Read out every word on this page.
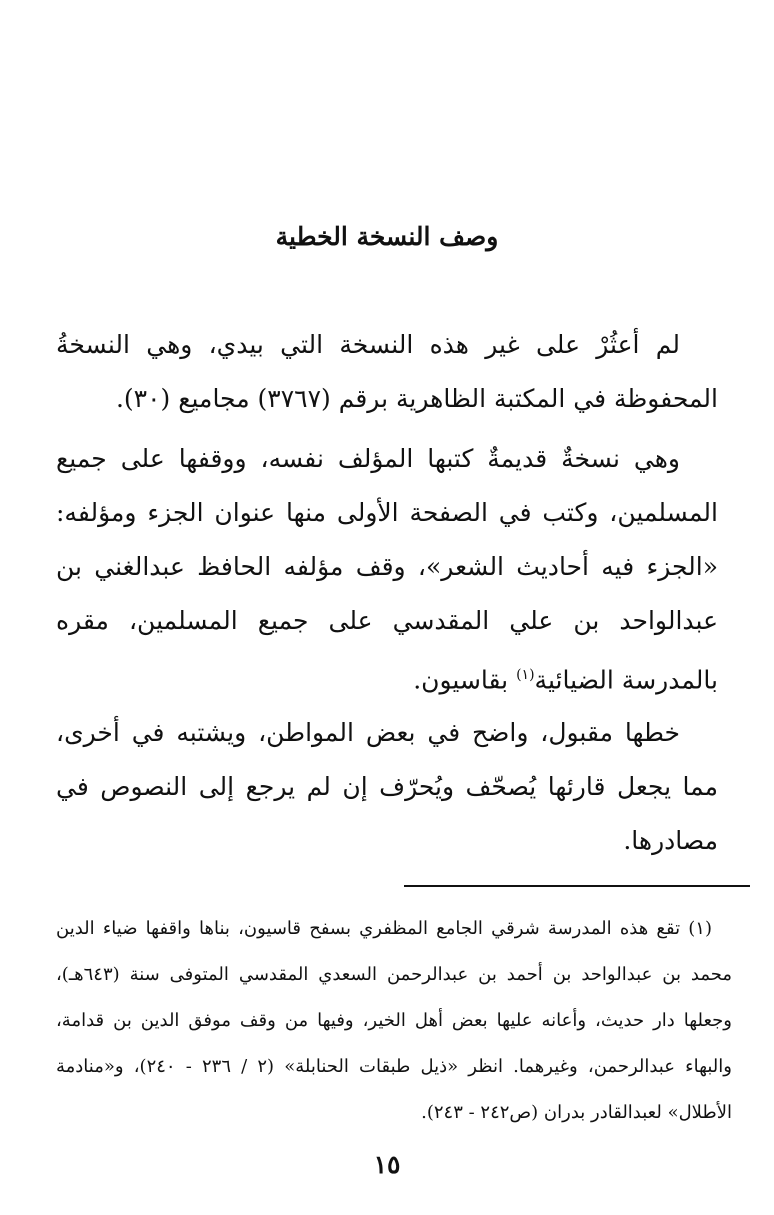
وصف النسخة الخطية

لم أعثُرْ على غير هذه النسخة التي بيدي، وهي النسخةُ المحفوظة في المكتبة الظاهرية برقم (٣٧٦٧) مجاميع (٣٠).

وهي نسخةٌ قديمةٌ كتبها المؤلف نفسه، ووقفها على جميع المسلمين، وكتب في الصفحة الأولى منها عنوان الجزء ومؤلفه: «الجزء فيه أحاديث الشعر»، وقف مؤلفه الحافظ عبدالغني بن عبدالواحد بن علي المقدسي على جميع المسلمين، مقره بالمدرسة الضيائية$^{(١)}$ بقاسيون.

خطها مقبول، واضح في بعض المواطن، ويشتبه في أخرى، مما يجعل قارئها يُصحّف ويُحرّف إن لم يرجع إلى النصوص في مصادرها.

(١) تقع هذه المدرسة شرقي الجامع المظفري بسفح قاسيون، بناها واقفها ضياء الدين محمد بن عبدالواحد بن أحمد بن عبدالرحمن السعدي المقدسي المتوفى سنة (٦٤٣هـ)، وجعلها دار حديث، وأعانه عليها بعض أهل الخير، وفيها من وقف موفق الدين بن قدامة، والبهاء عبدالرحمن، وغيرهما. انظر «ذيل طبقات الحنابلة» (٢ / ٢٣٦ - ٢٤٠)، و«منادمة الأطلال» لعبدالقادر بدران (ص٢٤٢ - ٢٤٣).

١٥
